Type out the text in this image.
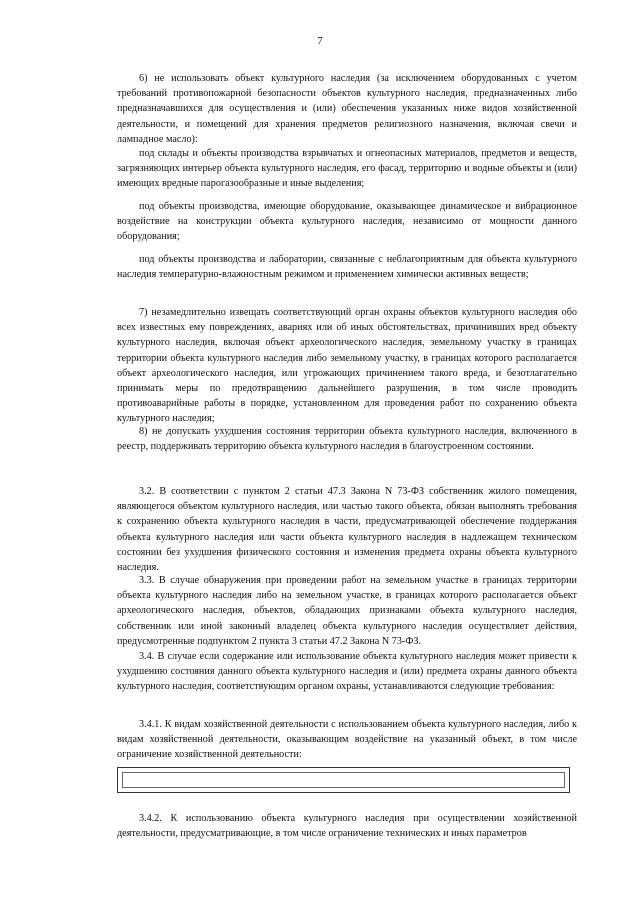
7

6) не использовать объект культурного наследия (за исключением оборудованных с учетом требований противопожарной безопасности объектов культурного наследия, предназначенных либо предназначавшихся для осуществления и (или) обеспечения указанных ниже видов хозяйственной деятельности, и помещений для хранения предметов религиозного назначения, включая свечи и лампадное масло):

под склады и объекты производства взрывчатых и огнеопасных материалов, предметов и веществ, загрязняющих интерьер объекта культурного наследия, его фасад, территорию и водные объекты и (или) имеющих вредные парогазообразные и иные выделения;

под объекты производства, имеющие оборудование, оказывающее динамическое и вибрационное воздействие на конструкции объекта культурного наследия, независимо от мощности данного оборудования;

под объекты производства и лаборатории, связанные с неблагоприятным для объекта культурного наследия температурно-влажностным режимом и применением химически активных веществ;

7) незамедлительно извещать соответствующий орган охраны объектов культурного наследия обо всех известных ему повреждениях, авариях или об иных обстоятельствах, причинивших вред объекту культурного наследия, включая объект археологического наследия, земельному участку в границах территории объекта культурного наследия либо земельному участку, в границах которого располагается объект археологического наследия, или угрожающих причинением такого вреда, и безотлагательно принимать меры по предотвращению дальнейшего разрушения, в том числе проводить противоаварийные работы в порядке, установленном для проведения работ по сохранению объекта культурного наследия;

8) не допускать ухудшения состояния территории объекта культурного наследия, включенного в реестр, поддерживать территорию объекта культурного наследия в благоустроенном состоянии.

3.2. В соответствии с пунктом 2 статьи 47.3 Закона N 73-ФЗ собственник жилого помещения, являющегося объектом культурного наследия, или частью такого объекта, обязан выполнять требования к сохранению объекта культурного наследия в части, предусматривающей обеспечение поддержания объекта культурного наследия или части объекта культурного наследия в надлежащем техническом состоянии без ухудшения физического состояния и изменения предмета охраны объекта культурного наследия.

3.3. В случае обнаружения при проведении работ на земельном участке в границах территории объекта культурного наследия либо на земельном участке, в границах которого располагается объект археологического наследия, объектов, обладающих признаками объекта культурного наследия, собственник или иной законный владелец объекта культурного наследия осуществляет действия, предусмотренные подпунктом 2 пункта 3 статьи 47.2 Закона N 73-ФЗ.

3.4. В случае если содержание или использование объекта культурного наследия может привести к ухудшению состояния данного объекта культурного наследия и (или) предмета охраны данного объекта культурного наследия, соответствующим органом охраны, устанавливаются следующие требования:

3.4.1. К видам хозяйственной деятельности с использованием объекта культурного наследия, либо к видам хозяйственной деятельности, оказывающим воздействие на указанный объект, в том числе ограничение хозяйственной деятельности:

3.4.2. К использованию объекта культурного наследия при осуществлении хозяйственной деятельности, предусматривающие, в том числе ограничение технических и иных параметров
